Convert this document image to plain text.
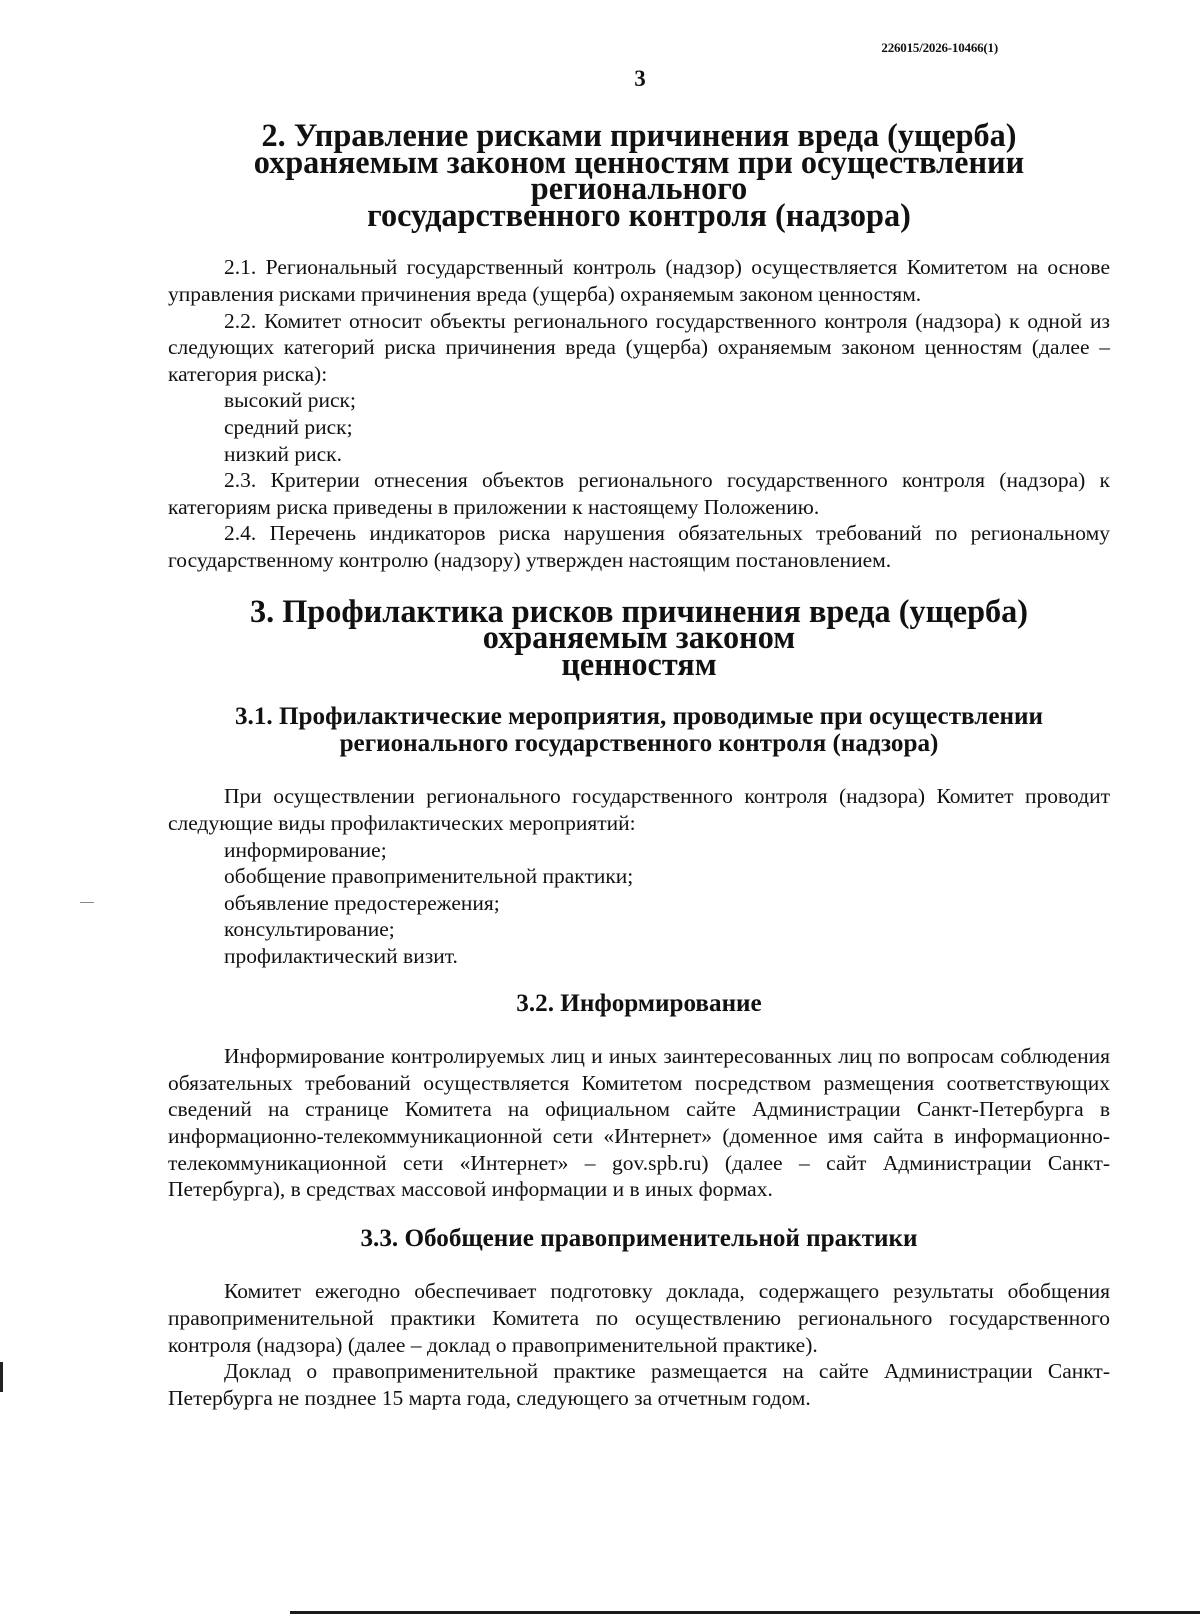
226015/2026-10466(1)
3
2. Управление рисками причинения вреда (ущерба)
охраняемым законом ценностям при осуществлении регионального
государственного контроля (надзора)

2.1. Региональный государственный контроль (надзор) осуществляется Комитетом на основе управления рисками причинения вреда (ущерба) охраняемым законом ценностям.

2.2. Комитет относит объекты регионального государственного контроля (надзора) к одной из следующих категорий риска причинения вреда (ущерба) охраняемым законом ценностям (далее – категория риска):

высокий риск;

средний риск;

низкий риск.

2.3. Критерии отнесения объектов регионального государственного контроля (надзора) к категориям риска приведены в приложении к настоящему Положению.

2.4. Перечень индикаторов риска нарушения обязательных требований по региональному государственному контролю (надзору) утвержден настоящим постановлением.

3. Профилактика рисков причинения вреда (ущерба) охраняемым законом
ценностям
3.1. Профилактические мероприятия, проводимые при осуществлении
регионального государственного контроля (надзора)

При осуществлении регионального государственного контроля (надзора) Комитет проводит следующие виды профилактических мероприятий:

информирование;

обобщение правоприменительной практики;

объявление предостережения;

консультирование;

профилактический визит.

3.2. Информирование

Информирование контролируемых лиц и иных заинтересованных лиц по вопросам соблюдения обязательных требований осуществляется Комитетом посредством размещения соответствующих сведений на странице Комитета на официальном сайте Администрации Санкт-Петербурга в информационно-телекоммуникационной сети «Интернет» (доменное имя сайта в информационно-телекоммуникационной сети «Интернет» – gov.spb.ru) (далее – сайт Администрации Санкт-Петербурга), в средствах массовой информации и в иных формах.

3.3. Обобщение правоприменительной практики

Комитет ежегодно обеспечивает подготовку доклада, содержащего результаты обобщения правоприменительной практики Комитета по осуществлению регионального государственного контроля (надзора) (далее – доклад о правоприменительной практике).

Доклад о правоприменительной практике размещается на сайте Администрации Санкт-Петербурга не позднее 15 марта года, следующего за отчетным годом.
